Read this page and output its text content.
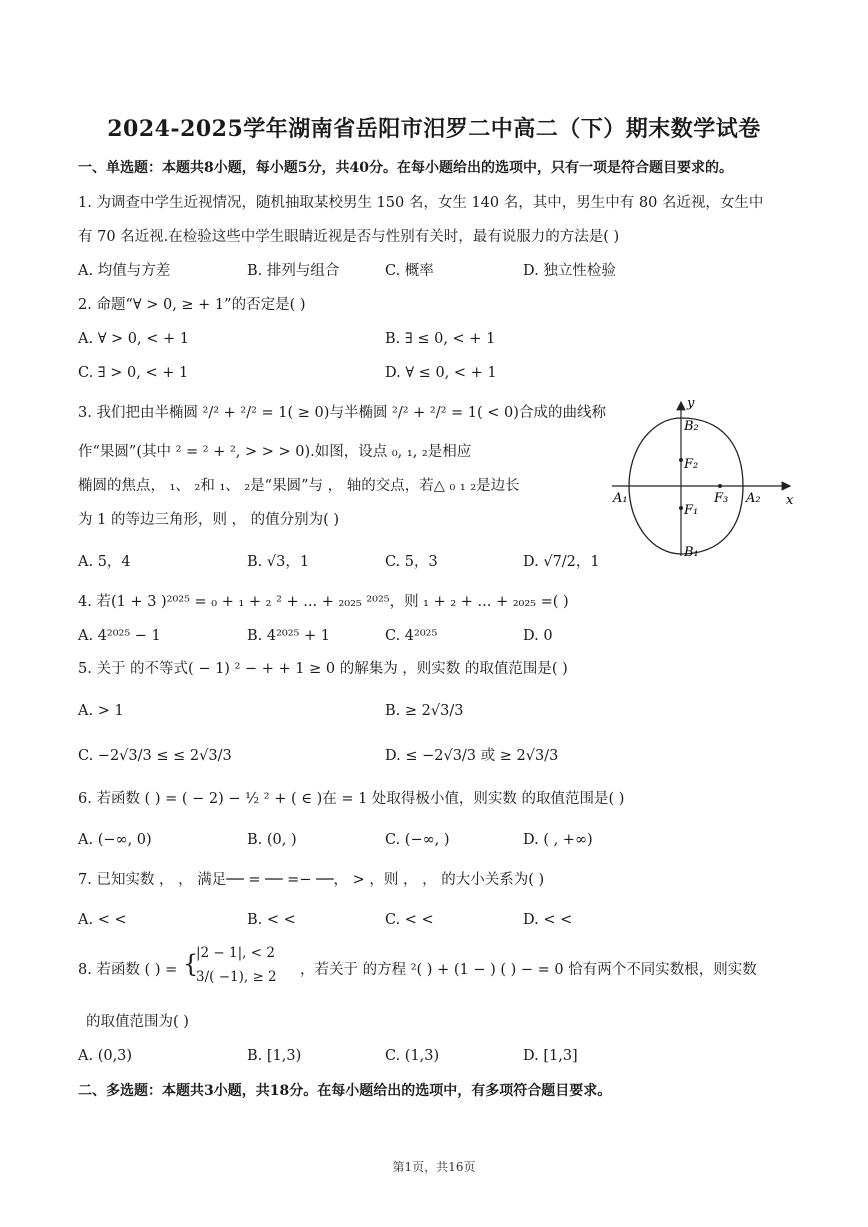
2024-2025学年湖南省岳阳市汨罗二中高二（下）期末数学试卷
一、单选题：本题共8小题，每小题5分，共40分。在每小题给出的选项中，只有一项是符合题目要求的。
1. 为调查中学生近视情况，随机抽取某校男生 150 名，女生 140 名，其中，男生中有 80 名近视，女生中
有 70 名近视.在检验这些中学生眼睛近视是否与性别有关时，最有说服力的方法是( )
A. 均值与方差	B. 排列与组合	C. 概率	D. 独立性检验
2. 命题“∀ > 0, ≥ + 1”的否定是( )
A. ∀ > 0, < + 1	B. ∃ ≤ 0, < + 1
C. ∃ > 0, < + 1	D. ∀ ≤ 0, < + 1
3. 我们把由半椭圆 ²/² + ²/² = 1( ≥ 0)与半椭圆 ²/² + ²/² = 1( < 0)合成的曲线称
作“果圆”(其中 ² = ² + ², > > > 0).如图，设点 ₀, ₁, ₂是相应
椭圆的焦点， ₁、 ₂和 ₁、 ₂是“果圆”与 ， 轴的交点，若△ ₀ ₁ ₂是边长
为 1 的等边三角形，则 ， 的值分别为( )
A. 5，4	B. √3，1	C. 5，3	D. √7/2，1
y
x
B₂
F₂
A₁	F₃ A₂
F₁
B₁
4. 若(1 + 3 )²⁰²⁵ = ₀ + ₁ + ₂ ² + ... + ₂₀₂₅ ²⁰²⁵，则 ₁ + ₂ + ... + ₂₀₂₅ =( )
A. 4²⁰²⁵ − 1	B. 4²⁰²⁵ + 1	C. 4²⁰²⁵	D. 0
5. 关于 的不等式( − 1) ² − + + 1 ≥ 0 的解集为 ，则实数 的取值范围是( )
A. > 1	B. ≥ 2√3/3
C. −2√3/3 ≤ ≤ 2√3/3	D. ≤ −2√3/3 或 ≥ 2√3/3
6. 若函数 ( ) = ( − 2) − ½ ² + ( ∈ )在 = 1 处取得极小值，则实数 的取值范围是( )
A. (−∞, 0)	B. (0, )	C. (−∞, )	D. ( , +∞)
7. 已知实数 ， ， 满足── = ── =− ──， > ，则 ， ， 的大小关系为( )
A. < <	B. < <	C. < <	D. < <
8. 若函数 ( ) = {
|2 − 1|, < 2
3/( −1), ≥ 2 ，若关于 的方程 ²( ) + (1 − ) ( ) − = 0 恰有两个不同实数根，则实数
的取值范围为( )
A. (0,3)	B. [1,3)	C. (1,3)	D. [1,3]
二、多选题：本题共3小题，共18分。在每小题给出的选项中，有多项符合题目要求。
第1页，共16页
